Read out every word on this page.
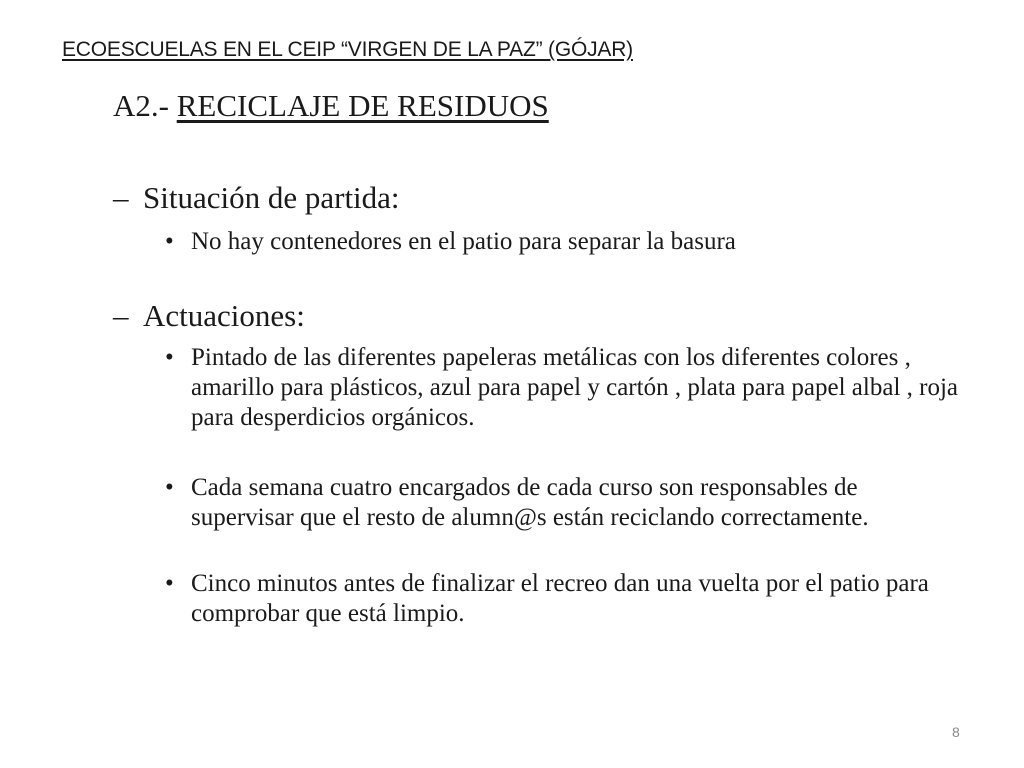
ECOESCUELAS EN EL CEIP “VIRGEN DE LA PAZ” (GÓJAR)
A2.- RECICLAJE DE RESIDUOS
– Situación de partida:
• No hay contenedores en el patio para separar la basura
– Actuaciones:
• Pintado de las diferentes papeleras metálicas con los diferentes colores , amarillo para plásticos, azul para papel y cartón , plata para papel albal , roja para desperdicios orgánicos.
• Cada semana cuatro encargados de cada curso son responsables de supervisar que el resto de alumn@s están reciclando correctamente.
• Cinco minutos antes de finalizar el recreo dan una vuelta por el patio para comprobar que está limpio.
8
